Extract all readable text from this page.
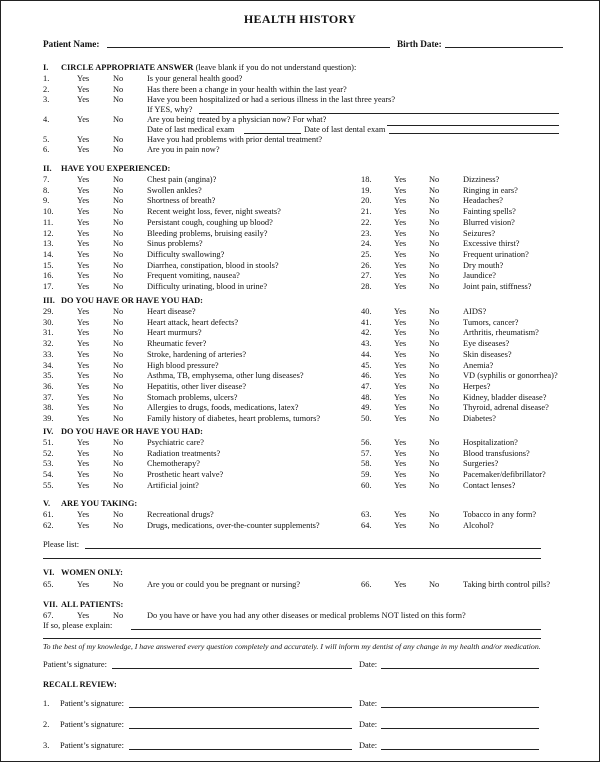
HEALTH HISTORY
Patient Name:	Birth Date:
I. CIRCLE APPROPRIATE ANSWER (leave blank if you do not understand question):
1.	Yes	No	Is your general health good?
2.	Yes	No	Has there been a change in your health within the last year?
3.	Yes	No	Have you been hospitalized or had a serious illness in the last three years?
4.	Yes	No	Are you being treated by a physician now? For what?
5.	Yes	No	Have you had problems with prior dental treatment?
6.	Yes	No	Are you in pain now?
If YES, why?
Date of last medical exam	Date of last dental exam
II. HAVE YOU EXPERIENCED:
7.	Yes	No	Chest pain (angina)?
8.	Yes	No	Swollen ankles?
9.	Yes	No	Shortness of breath?
10.	Yes	No	Recent weight loss, fever, night sweats?
11.	Yes	No	Persistant cough, coughing up blood?
12.	Yes	No	Bleeding problems, bruising easily?
13.	Yes	No	Sinus problems?
14.	Yes	No	Difficulty swallowing?
15.	Yes	No	Diarrhea, constipation, blood in stools?
16.	Yes	No	Frequent vomiting, nausea?
17.	Yes	No	Difficulty urinating, blood in urine?
18.	Yes	No	Dizziness?
19.	Yes	No	Ringing in ears?
20.	Yes	No	Headaches?
21.	Yes	No	Fainting spells?
22.	Yes	No	Blurred vision?
23.	Yes	No	Seizures?
24.	Yes	No	Excessive thirst?
25.	Yes	No	Frequent urination?
26.	Yes	No	Dry mouth?
27.	Yes	No	Jaundice?
28.	Yes	No	Joint pain, stiffness?
III. DO YOU HAVE OR HAVE YOU HAD:
29.	Yes	No	Heart disease?
30.	Yes	No	Heart attack, heart defects?
31.	Yes	No	Heart murmurs?
32.	Yes	No	Rheumatic fever?
33.	Yes	No	Stroke, hardening of arteries?
34.	Yes	No	High blood pressure?
35.	Yes	No	Asthma, TB, emphysema, other lung diseases?
36.	Yes	No	Hepatitis, other liver disease?
37.	Yes	No	Stomach problems, ulcers?
38.	Yes	No	Allergies to drugs, foods, medications, latex?
39.	Yes	No	Family history of diabetes, heart problems, tumors?
40.	Yes	No	AIDS?
41.	Yes	No	Tumors, cancer?
42.	Yes	No	Arthritis, rheumatism?
43.	Yes	No	Eye diseases?
44.	Yes	No	Skin diseases?
45.	Yes	No	Anemia?
46.	Yes	No	VD (syphilis or gonorrhea)?
47.	Yes	No	Herpes?
48.	Yes	No	Kidney, bladder disease?
49.	Yes	No	Thyroid, adrenal disease?
50.	Yes	No	Diabetes?
IV. DO YOU HAVE OR HAVE YOU HAD:
51.	Yes	No	Psychiatric care?
52.	Yes	No	Radiation treatments?
53.	Yes	No	Chemotherapy?
54.	Yes	No	Prosthetic heart valve?
55.	Yes	No	Artificial joint?
56.	Yes	No	Hospitalization?
57.	Yes	No	Blood transfusions?
58.	Yes	No	Surgeries?
59.	Yes	No	Pacemaker/defibrillator?
60.	Yes	No	Contact lenses?
V. ARE YOU TAKING:
61.	Yes	No	Recreational drugs?
62.	Yes	No	Drugs, medications, over-the-counter supplements?
63.	Yes	No	Tobacco in any form?
64.	Yes	No	Alcohol?
Please list:
VI. WOMEN ONLY:
65.	Yes	No	Are you or could you be pregnant or nursing?	66.	Yes	No	Taking birth control pills?
VII. ALL PATIENTS:
67.	Yes	No	Do you have or have you had any other diseases or medical problems NOT listed on this form?
If so, please explain:
To the best of my knowledge, I have answered every question completely and accurately. I will inform my dentist of any change in my health and/or medication.
Patient’s signature:	Date:
RECALL REVIEW:
1. Patient’s signature:	Date:
2. Patient’s signature:	Date:
3. Patient’s signature:	Date:
